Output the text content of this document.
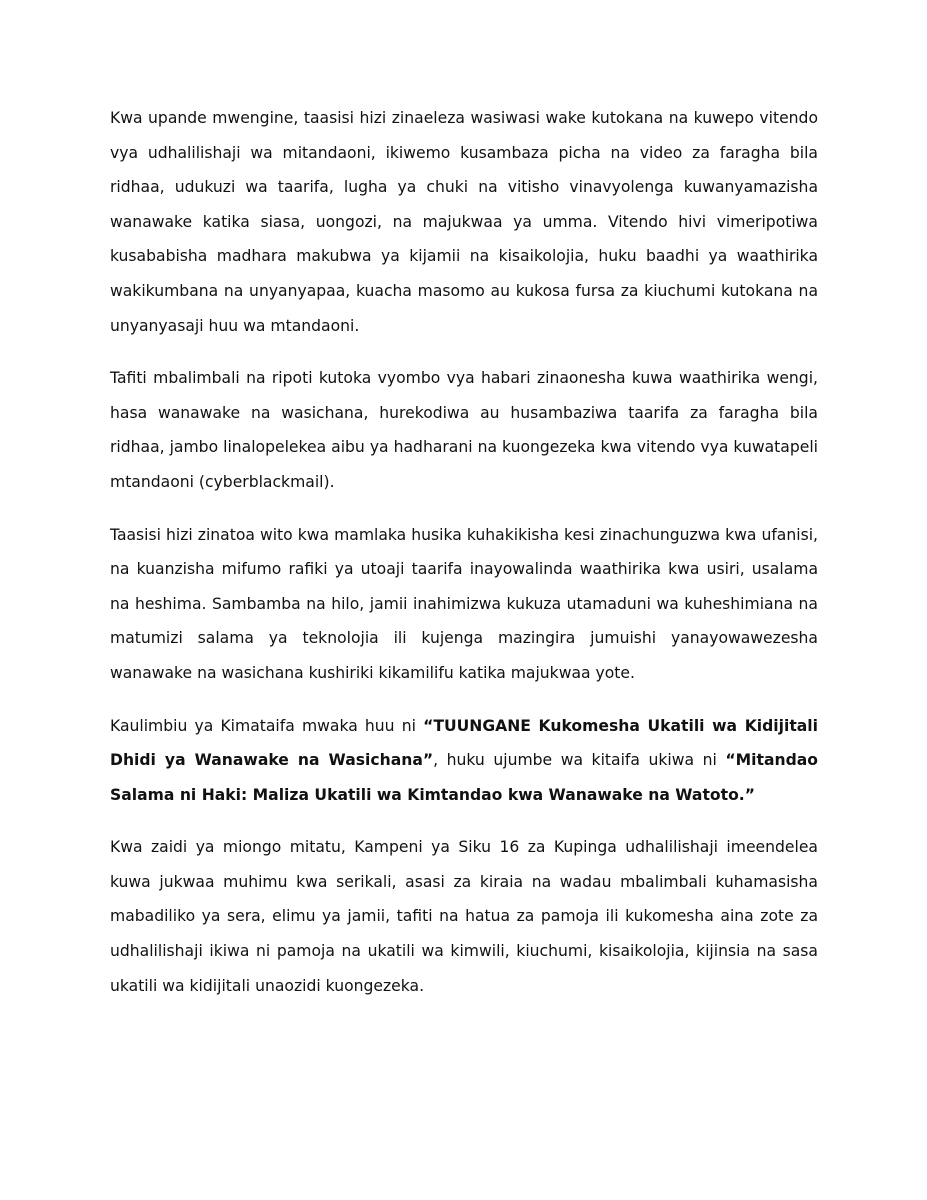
Kwa upande mwengine, taasisi hizi zinaeleza wasiwasi wake kutokana na kuwepo vitendo vya udhalilishaji wa mitandaoni, ikiwemo kusambaza picha na video za faragha bila ridhaa, udukuzi wa taarifa, lugha ya chuki na vitisho vinavyolenga kuwanyamazisha wanawake katika siasa, uongozi, na majukwaa ya umma. Vitendo hivi vimeripotiwa kusababisha madhara makubwa ya kijamii na kisaikolojia, huku baadhi ya waathirika wakikumbana na unyanyapaa, kuacha masomo au kukosa fursa za kiuchumi kutokana na unyanyasaji huu wa mtandaoni.

Tafiti mbalimbali na ripoti kutoka vyombo vya habari zinaonesha kuwa waathirika wengi, hasa wanawake na wasichana, hurekodiwa au husambaziwa taarifa za faragha bila ridhaa, jambo linalopelekea aibu ya hadharani na kuongezeka kwa vitendo vya kuwatapeli mtandaoni (cyberblackmail).

Taasisi hizi zinatoa wito kwa mamlaka husika kuhakikisha kesi zinachunguzwa kwa ufanisi, na kuanzisha mifumo rafiki ya utoaji taarifa inayowalinda waathirika kwa usiri, usalama na heshima. Sambamba na hilo, jamii inahimizwa kukuza utamaduni wa kuheshimiana na matumizi salama ya teknolojia ili kujenga mazingira jumuishi yanayowawezesha wanawake na wasichana kushiriki kikamilifu katika majukwaa yote.

Kaulimbiu ya Kimataifa mwaka huu ni “TUUNGANE Kukomesha Ukatili wa Kidijitali Dhidi ya Wanawake na Wasichana”, huku ujumbe wa kitaifa ukiwa ni “Mitandao Salama ni Haki: Maliza Ukatili wa Kimtandao kwa Wanawake na Watoto.”

Kwa zaidi ya miongo mitatu, Kampeni ya Siku 16 za Kupinga udhalilishaji imeendelea kuwa jukwaa muhimu kwa serikali, asasi za kiraia na wadau mbalimbali kuhamasisha mabadiliko ya sera, elimu ya jamii, tafiti na hatua za pamoja ili kukomesha aina zote za udhalilishaji ikiwa ni pamoja na ukatili wa kimwili, kiuchumi, kisaikolojia, kijinsia na sasa ukatili wa kidijitali unaozidi kuongezeka.
